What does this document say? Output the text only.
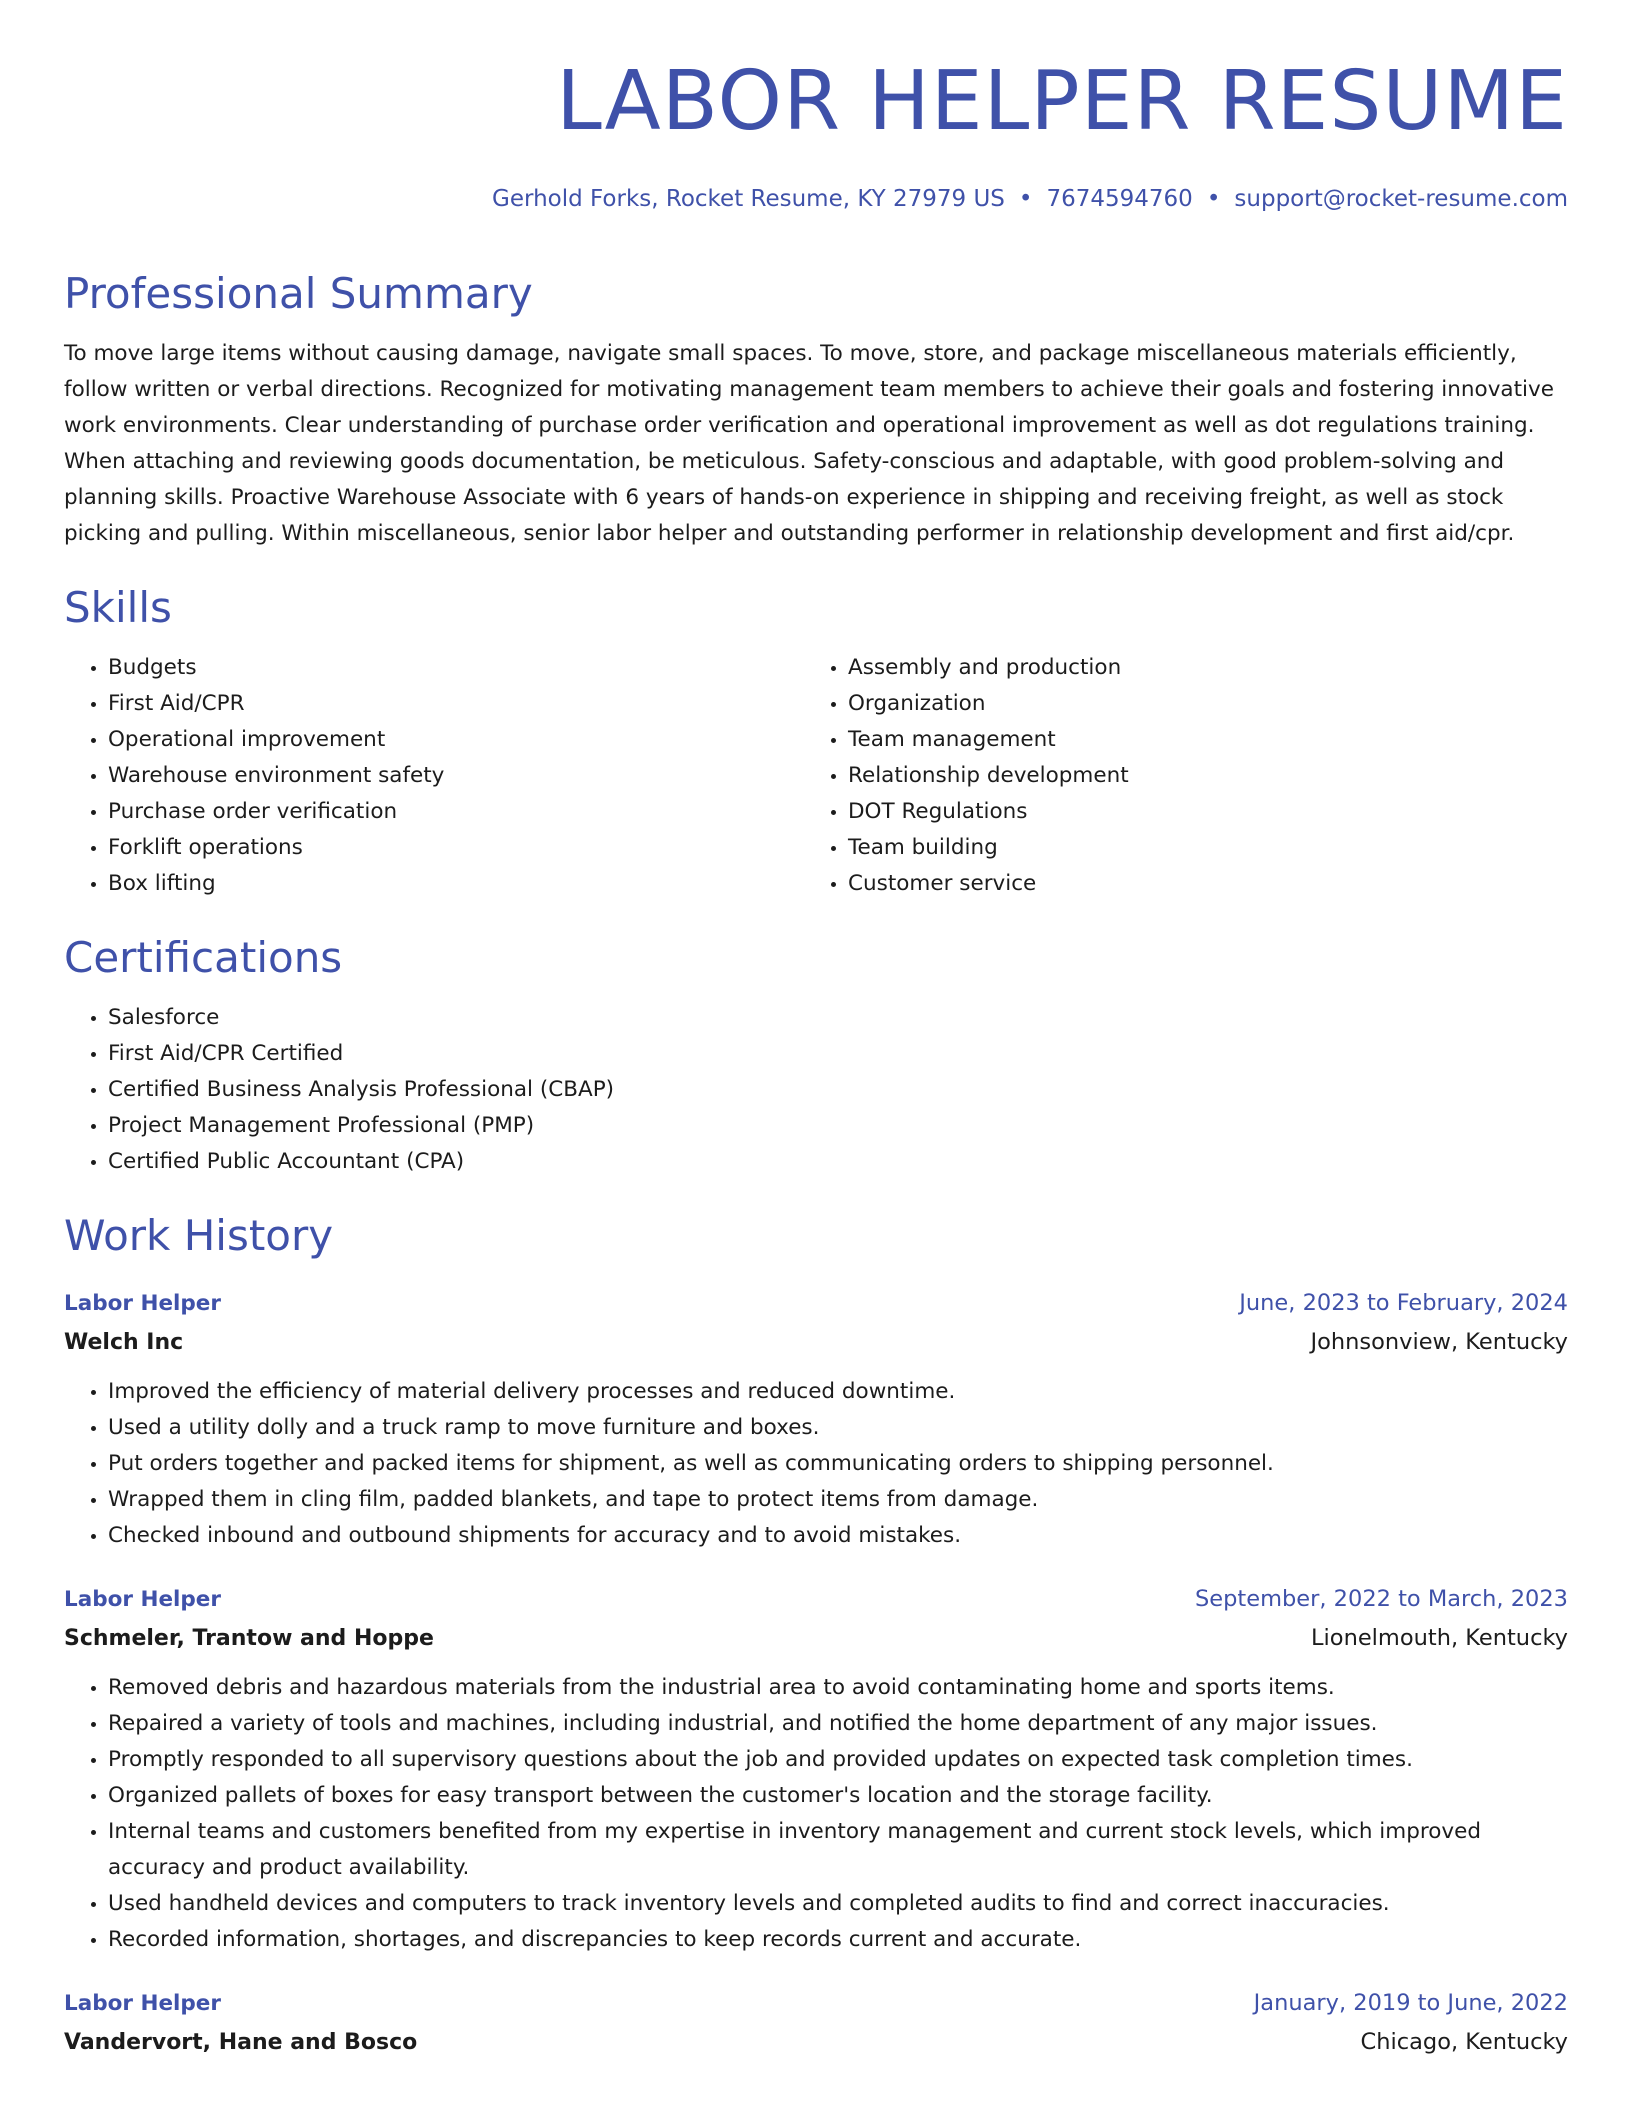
LABOR HELPER RESUME
Gerhold Forks, Rocket Resume, KY 27979 US • 7674594760 • support@rocket-resume.com
Professional Summary

To move large items without causing damage, navigate small spaces. To move, store, and package miscellaneous materials efficiently, follow written or verbal directions. Recognized for motivating management team members to achieve their goals and fostering innovative work environments. Clear understanding of purchase order verification and operational improvement as well as dot regulations training. When attaching and reviewing goods documentation, be meticulous. Safety-conscious and adaptable, with good problem-solving and planning skills. Proactive Warehouse Associate with 6 years of hands-on experience in shipping and receiving freight, as well as stock picking and pulling. Within miscellaneous, senior labor helper and outstanding performer in relationship development and first aid/cpr.

Skills
• Budgets
• First Aid/CPR
• Operational improvement
• Warehouse environment safety
• Purchase order verification
• Forklift operations
• Box lifting
• Assembly and production
• Organization
• Team management
• Relationship development
• DOT Regulations
• Team building
• Customer service
Certifications
• Salesforce
• First Aid/CPR Certified
• Certified Business Analysis Professional (CBAP)
• Project Management Professional (PMP)
• Certified Public Accountant (CPA)
Work History
Labor Helper	June, 2023 to February, 2024
Welch Inc	Johnsonview, Kentucky
• Improved the efficiency of material delivery processes and reduced downtime.
• Used a utility dolly and a truck ramp to move furniture and boxes.
• Put orders together and packed items for shipment, as well as communicating orders to shipping personnel.
• Wrapped them in cling film, padded blankets, and tape to protect items from damage.
• Checked inbound and outbound shipments for accuracy and to avoid mistakes.
Labor Helper	September, 2022 to March, 2023
Schmeler, Trantow and Hoppe	Lionelmouth, Kentucky
• Removed debris and hazardous materials from the industrial area to avoid contaminating home and sports items.
• Repaired a variety of tools and machines, including industrial, and notified the home department of any major issues.
• Promptly responded to all supervisory questions about the job and provided updates on expected task completion times.
• Organized pallets of boxes for easy transport between the customer's location and the storage facility.
• Internal teams and customers benefited from my expertise in inventory management and current stock levels, which improved accuracy and product availability.
• Used handheld devices and computers to track inventory levels and completed audits to find and correct inaccuracies.
• Recorded information, shortages, and discrepancies to keep records current and accurate.
Labor Helper	January, 2019 to June, 2022
Vandervort, Hane and Bosco	Chicago, Kentucky
